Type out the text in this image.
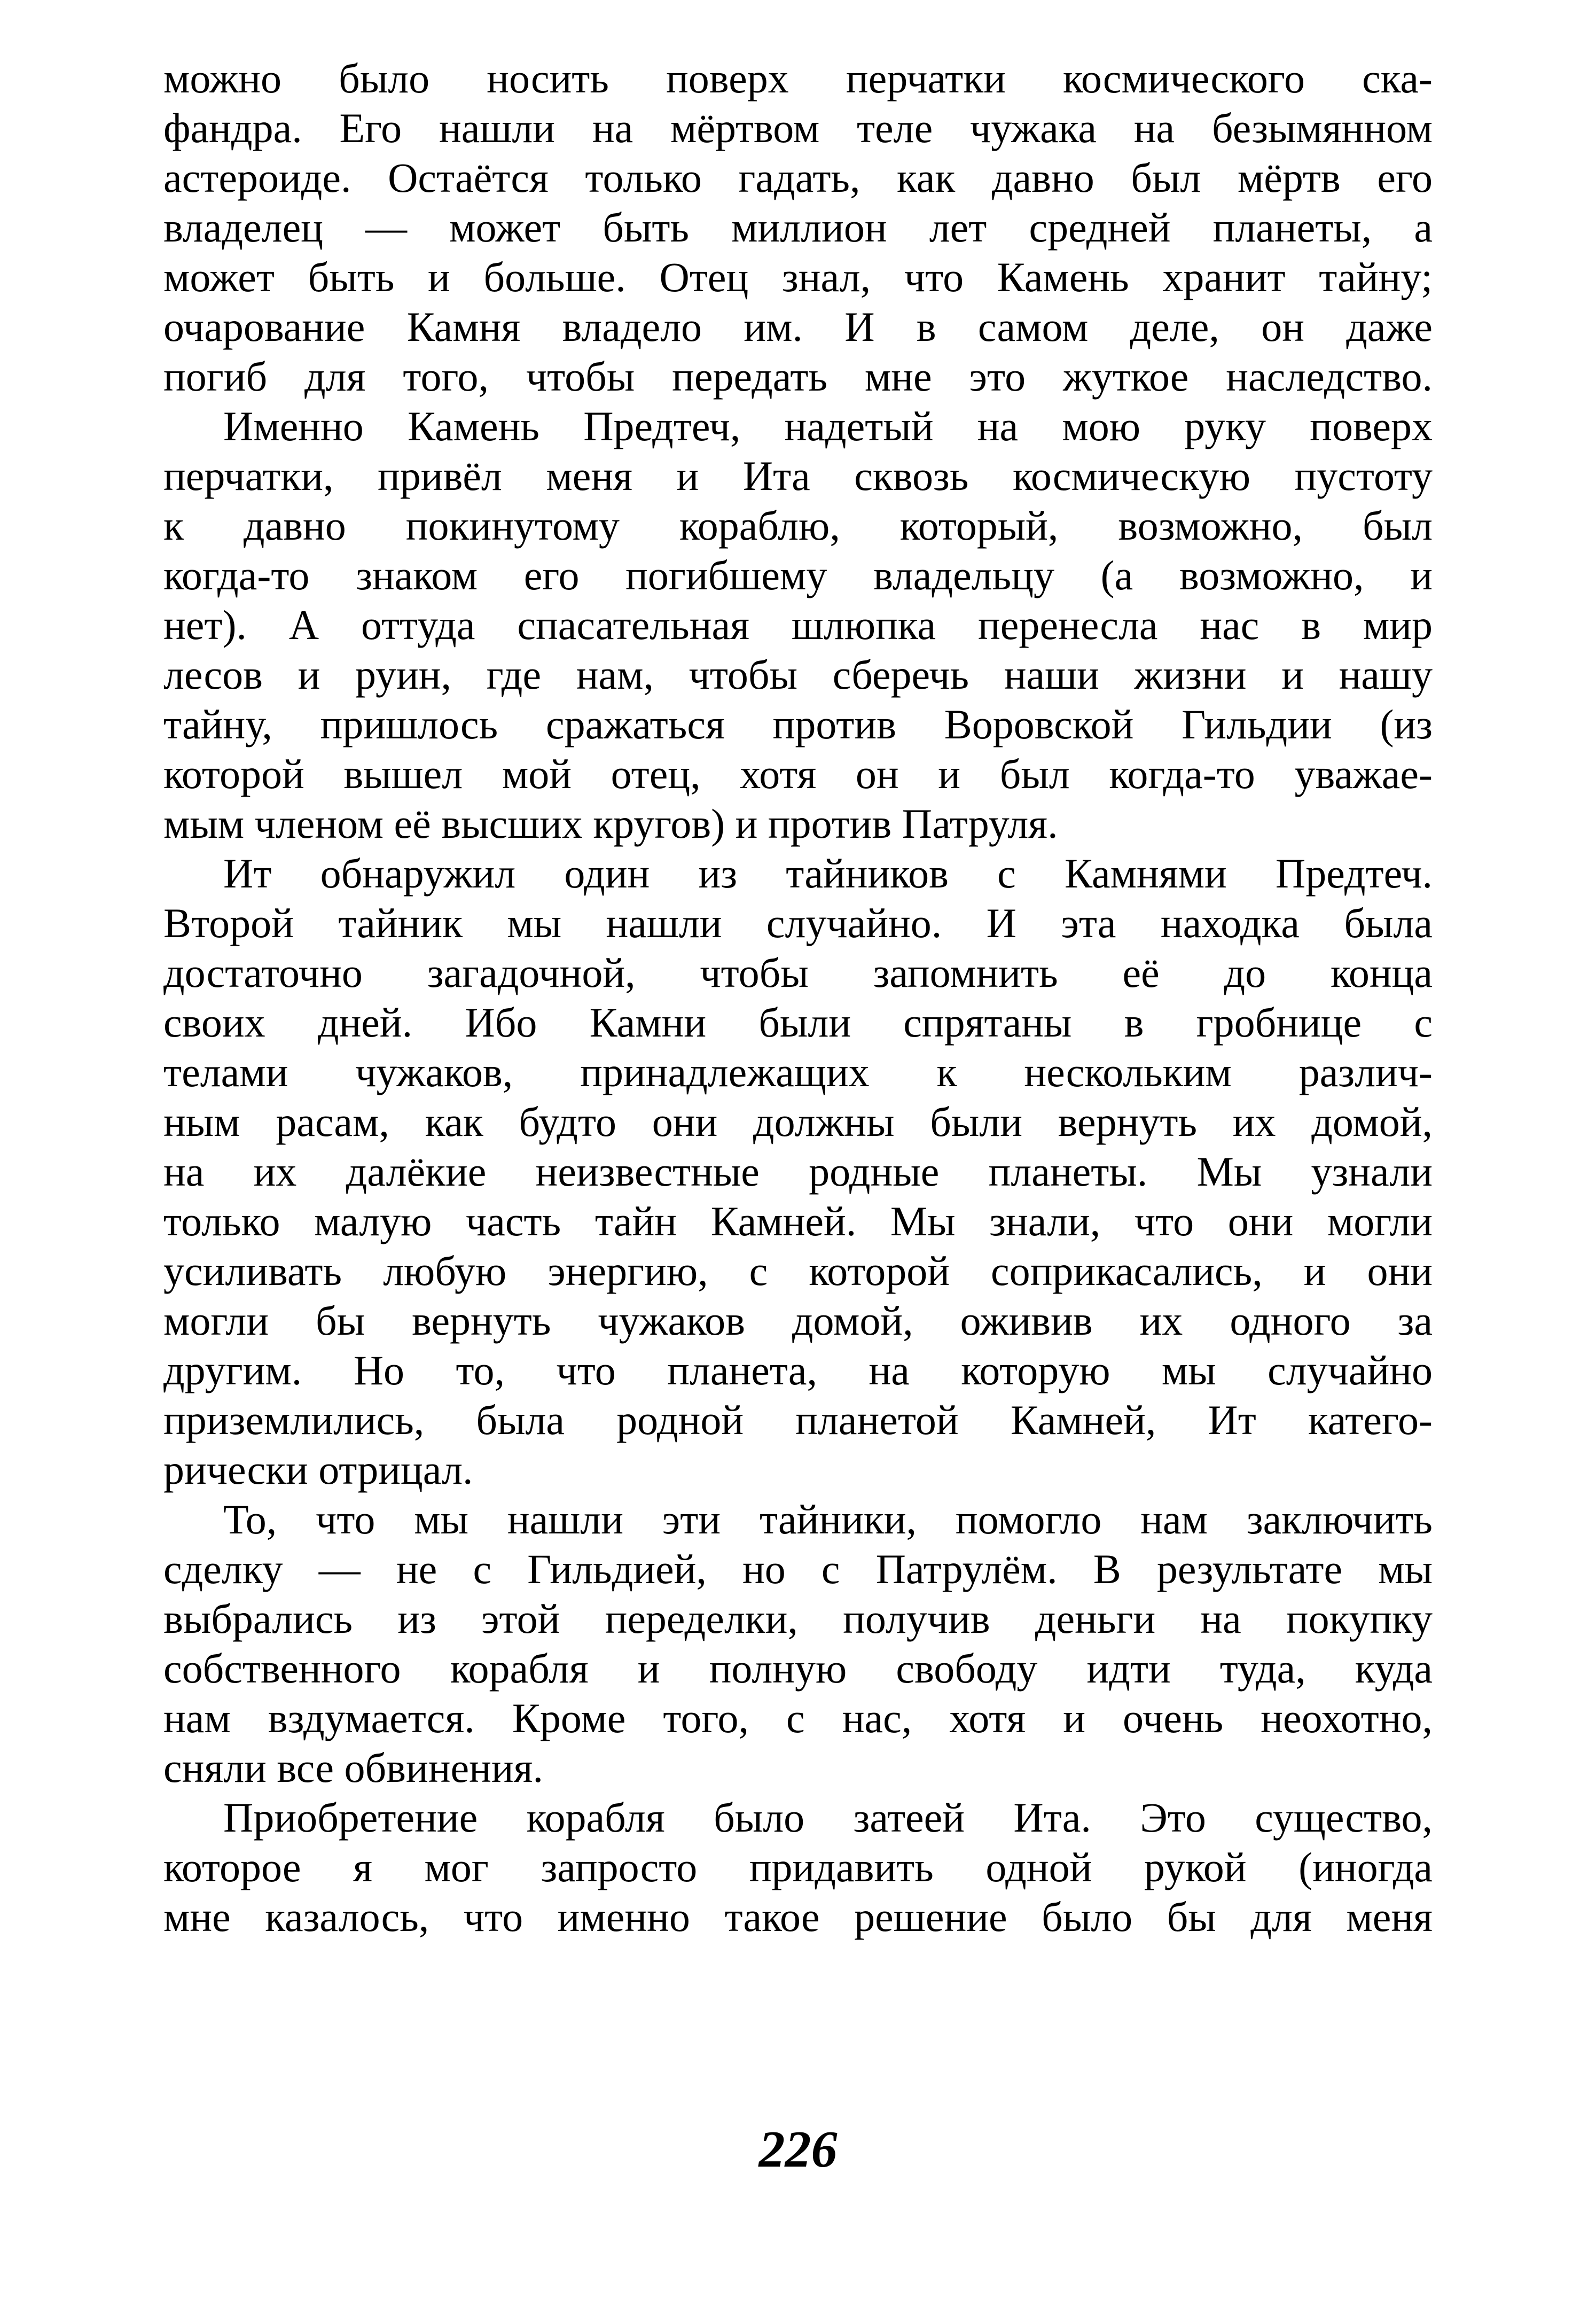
можно было носить поверх перчатки космического ска-
фандра. Его нашли на мёртвом теле чужака на безымянном
астероиде. Остаётся только гадать, как давно был мёртв его
владелец — может быть миллион лет средней планеты, а
может быть и больше. Отец знал, что Камень хранит тайну;
очарование Камня владело им. И в самом деле, он даже
погиб для того, чтобы передать мне это жуткое наследство.
Именно Камень Предтеч, надетый на мою руку поверх
перчатки, привёл меня и Ита сквозь космическую пустоту
к давно покинутому кораблю, который, возможно, был
когда-то знаком его погибшему владельцу (а возможно, и
нет). А оттуда спасательная шлюпка перенесла нас в мир
лесов и руин, где нам, чтобы сберечь наши жизни и нашу
тайну, пришлось сражаться против Воровской Гильдии (из
которой вышел мой отец, хотя он и был когда-то уважае-
мым членом её высших кругов) и против Патруля.
Ит обнаружил один из тайников с Камнями Предтеч.
Второй тайник мы нашли случайно. И эта находка была
достаточно загадочной, чтобы запомнить её до конца
своих дней. Ибо Камни были спрятаны в гробнице с
телами чужаков, принадлежащих к нескольким различ-
ным расам, как будто они должны были вернуть их домой,
на их далёкие неизвестные родные планеты. Мы узнали
только малую часть тайн Камней. Мы знали, что они могли
усиливать любую энергию, с которой соприкасались, и они
могли бы вернуть чужаков домой, оживив их одного за
другим. Но то, что планета, на которую мы случайно
приземлились, была родной планетой Камней, Ит катего-
рически отрицал.
То, что мы нашли эти тайники, помогло нам заключить
сделку — не с Гильдией, но с Патрулём. В результате мы
выбрались из этой переделки, получив деньги на покупку
собственного корабля и полную свободу идти туда, куда
нам вздумается. Кроме того, с нас, хотя и очень неохотно,
сняли все обвинения.
Приобретение корабля было затеей Ита. Это существо,
которое я мог запросто придавить одной рукой (иногда
мне казалось, что именно такое решение было бы для меня
226
